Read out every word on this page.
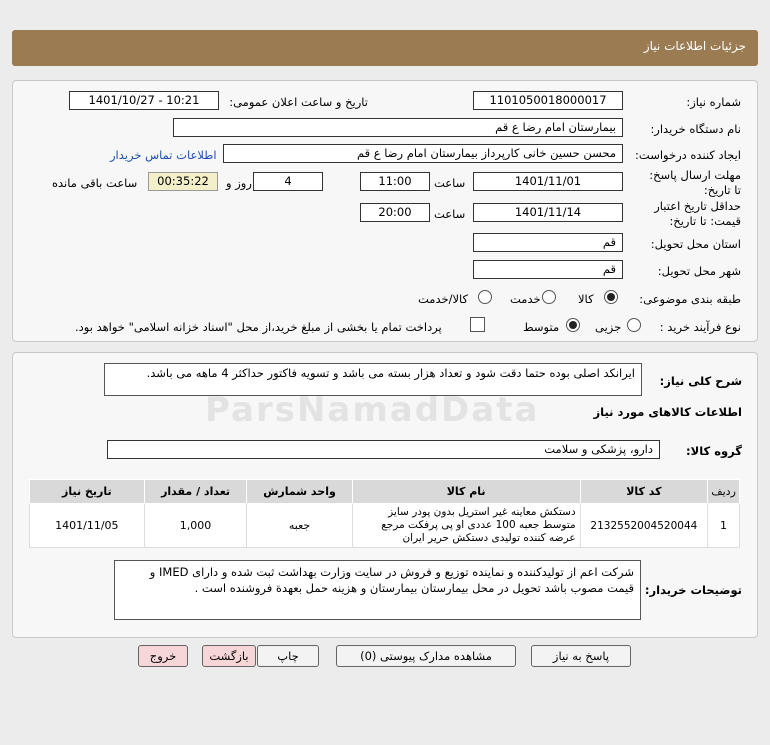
جزئیات اطلاعات نیاز
شماره نیاز:
1101050018000017
تاریخ و ساعت اعلان عمومی:
1401/10/27 - 10:21
نام دستگاه خریدار:
بیمارستان امام رضا ع قم
ایجاد کننده درخواست:
محسن حسین خانی کارپرداز بیمارستان امام رضا ع قم
اطلاعات تماس خریدار
مهلت ارسال پاسخ: تا تاریخ:
1401/11/01
ساعت
11:00
4
روز و
00:35:22
ساعت باقی مانده
حداقل تاریخ اعتبار قیمت: تا تاریخ:
1401/11/14
ساعت
20:00
استان محل تحویل:
قم
شهر محل تحویل:
قم
طبقه بندی موضوعی:
کالا
خدمت
کالا/خدمت
نوع فرآیند خرید :
جزیی
متوسط
پرداخت تمام یا بخشی از مبلغ خرید،از محل "اسناد خزانه اسلامی" خواهد بود.
شرح کلی نیاز:
ایرانکد اصلی بوده حتما دقت شود و تعداد هزار بسته می باشد و تسویه فاکتور حداکثر 4 ماهه می باشد.
ParsNamadData	اطلاعات کالاهای مورد نیاز
گروه کالا:
دارو، پزشکی و سلامت
ردیف	کد کالا	نام کالا	واحد شمارش	تعداد / مقدار	تاریخ نیاز
1	2132552004520044	دستکش معاینه غیر استریل بدون پودر سایز متوسط جعبه 100 عددی او پی پرفکت مرجع عرضه کننده تولیدی دستکش حریر ایران	جعبه	1,000	1401/11/05
توضیحات خریدار:
شرکت اعم از تولیدکننده و نماینده توزیع و فروش در سایت وزارت بهداشت ثبت شده و دارای IMED و قیمت مصوب باشد تحویل در محل بیمارستان بیمارستان و هزینه حمل بعهدة فروشنده است .
پاسخ به نیاز
مشاهده مدارک پیوستی (0)
چاپ
بازگشت
خروج
